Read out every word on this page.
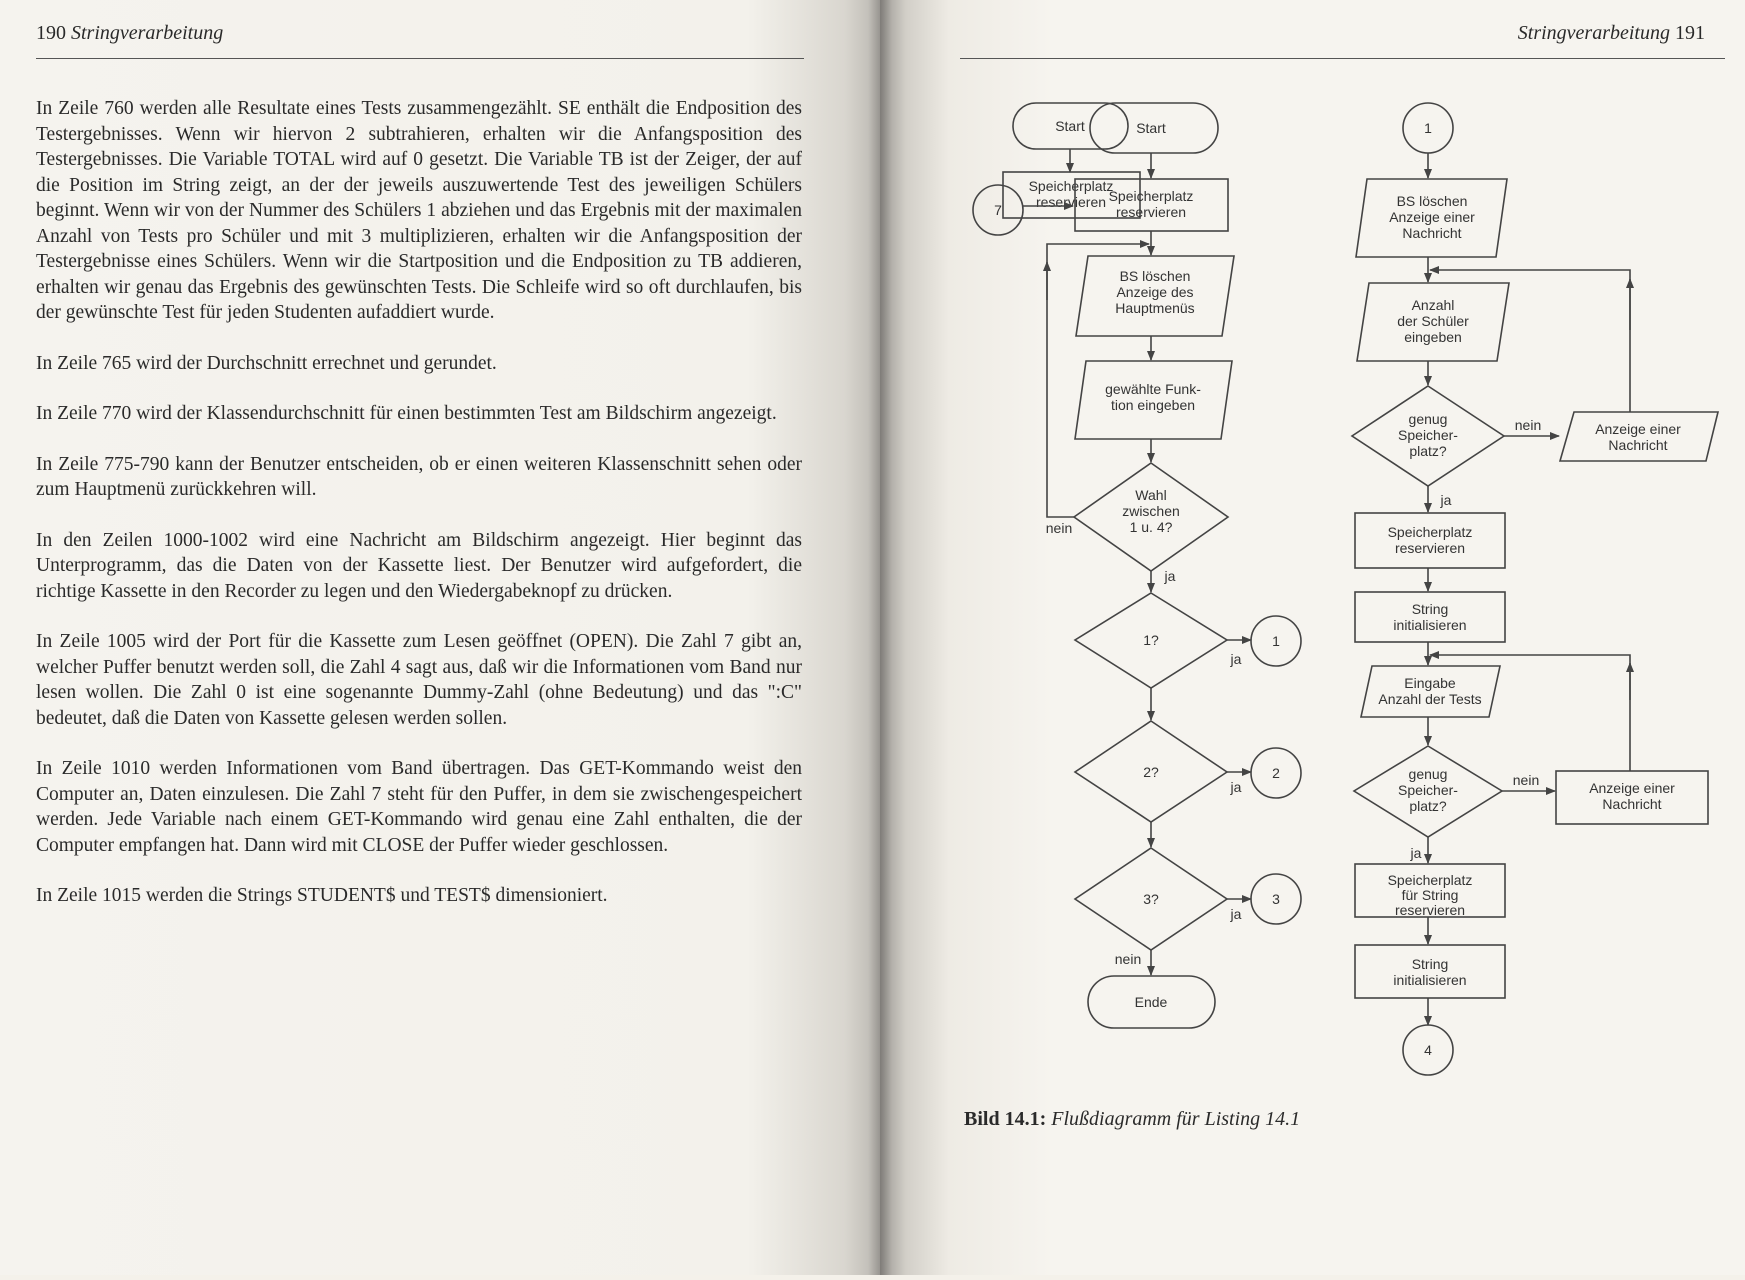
190 Stringverarbeitung

In Zeile 760 werden alle Resultate eines Tests zusammengezählt. SE enthält die Endposition des Testergebnisses. Wenn wir hiervon 2 subtrahieren, erhalten wir die Anfangsposition des Testergebnisses. Die Variable TOTAL wird auf 0 gesetzt. Die Variable TB ist der Zeiger, der auf die Position im String zeigt, an der der jeweils auszuwertende Test des jeweiligen Schülers beginnt. Wenn wir von der Nummer des Schülers 1 abziehen und das Ergebnis mit der maximalen Anzahl von Tests pro Schüler und mit 3 multiplizieren, erhalten wir die Anfangsposition der Testergebnisse eines Schülers. Wenn wir die Startposition und die Endposition zu TB addieren, erhalten wir genau das Ergebnis des gewünschten Tests. Die Schleife wird so oft durchlaufen, bis der gewünschte Test für jeden Studenten aufaddiert wurde.

In Zeile 765 wird der Durchschnitt errechnet und gerundet.

In Zeile 770 wird der Klassendurchschnitt für einen bestimmten Test am Bildschirm angezeigt.

In Zeile 775-790 kann der Benutzer entscheiden, ob er einen weiteren Klassenschnitt sehen oder zum Hauptmenü zurückkehren will.

In den Zeilen 1000-1002 wird eine Nachricht am Bildschirm angezeigt. Hier beginnt das Unterprogramm, das die Daten von der Kassette liest. Der Benutzer wird aufgefordert, die richtige Kassette in den Recorder zu legen und den Wiedergabeknopf zu drücken.

In Zeile 1005 wird der Port für die Kassette zum Lesen geöffnet (OPEN). Die Zahl 7 gibt an, welcher Puffer benutzt werden soll, die Zahl 4 sagt aus, daß wir die Informationen vom Band nur lesen wollen. Die Zahl 0 ist eine sogenannte Dummy-Zahl (ohne Bedeutung) und das ":C" bedeutet, daß die Daten von Kassette gelesen werden sollen.

In Zeile 1010 werden Informationen vom Band übertragen. Das GET-Kommando weist den Computer an, Daten einzulesen. Die Zahl 7 steht für den Puffer, in dem sie zwischengespeichert werden. Jede Variable nach einem GET-Kommando wird genau eine Zahl enthalten, die der Computer empfangen hat. Dann wird mit CLOSE der Puffer wieder geschlossen.

In Zeile 1015 werden die Strings STUDENT$ und TEST$ dimensioniert.

Stringverarbeitung 191
Start
Speicherplatz
reservieren
Bild 14.1: Flußdiagramm für Listing 14.1
Start
Speicherplatz
reservieren
7
BS löschen
Anzeige des
Hauptmenüs
gewählte Funk-
tion eingeben
Wahl
zwischen
1 u. 4?
nein
ja
1?
ja
1
2?
ja
2
3?
ja
3
nein
Ende
1
BS löschen
Anzeige einer
Nachricht
Anzahl
der Schüler
eingeben
genug
Speicher-
platz?
nein
ja
Anzeige einer
Nachricht
Speicherplatz
reservieren
String
initialisieren
Eingabe
Anzahl der Tests
genug
Speicher-
platz?
nein
ja
Anzeige einer
Nachricht
Speicherplatz
für String
reservieren
String
initialisieren
4
